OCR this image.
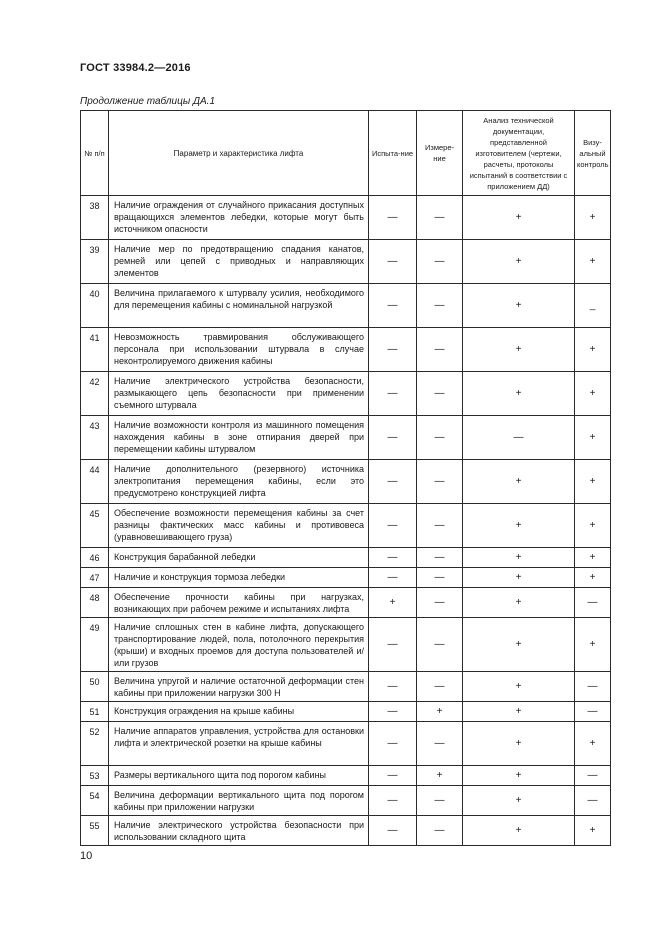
ГОСТ 33984.2—2016
Продолжение таблицы ДА.1
№ п/п	Параметр и характеристика лифта	Испыта-ние	Измере-ние	Анализ технической документации, представленной изготовителем (чертежи, расчеты, протоколы испытаний в соответствии с приложением ДД)	Визу-альный контроль
38	Наличие ограждения от случайного прикасания доступных вращающихся элементов лебедки, которые могут быть источником опасности	—	—	+	+
39	Наличие мер по предотвращению спадания канатов, ремней или цепей с приводных и направляющих элементов	—	—	+	+
40	Величина прилагаемого к штурвалу усилия, необходимого для перемещения кабины с номинальной нагрузкой	—	—	+	_
41	Невозможность травмирования обслуживающего персонала при использовании штурвала в случае неконтролируемого движения кабины	—	—	+	+
42	Наличие электрического устройства безопасности, размыкающего цепь безопасности при применении съемного штурвала	—	—	+	+
43	Наличие возможности контроля из машинного помещения нахождения кабины в зоне отпирания дверей при перемещении кабины штурвалом	—	—	—	+
44	Наличие дополнительного (резервного) источника электропитания перемещения кабины, если это предусмотрено конструкцией лифта	—	—	+	+
45	Обеспечение возможности перемещения кабины за счет разницы фактических масс кабины и противовеса (уравновешивающего груза)	—	—	+	+
46	Конструкция барабанной лебедки	—	—	+	+
47	Наличие и конструкция тормоза лебедки	—	—	+	+
48	Обеспечение прочности кабины при нагрузках, возникающих при рабочем режиме и испытаниях лифта	+	—	+	—
49	Наличие сплошных стен в кабине лифта, допускающего транспортирование людей, пола, потолочного перекрытия (крыши) и входных проемов для доступа пользователей и/или грузов	—	—	+	+
50	Величина упругой и наличие остаточной деформации стен кабины при приложении нагрузки 300 Н	—	—	+	—
51	Конструкция ограждения на крыше кабины	—	+	+	—
52	Наличие аппаратов управления, устройства для остановки лифта и электрической розетки на крыше кабины	—	—	+	+
53	Размеры вертикального щита под порогом кабины	—	+	+	—
54	Величина деформации вертикального щита под порогом кабины при приложении нагрузки	—	—	+	—
55	Наличие электрического устройства безопасности при использовании складного щита	—	—	+	+
10
